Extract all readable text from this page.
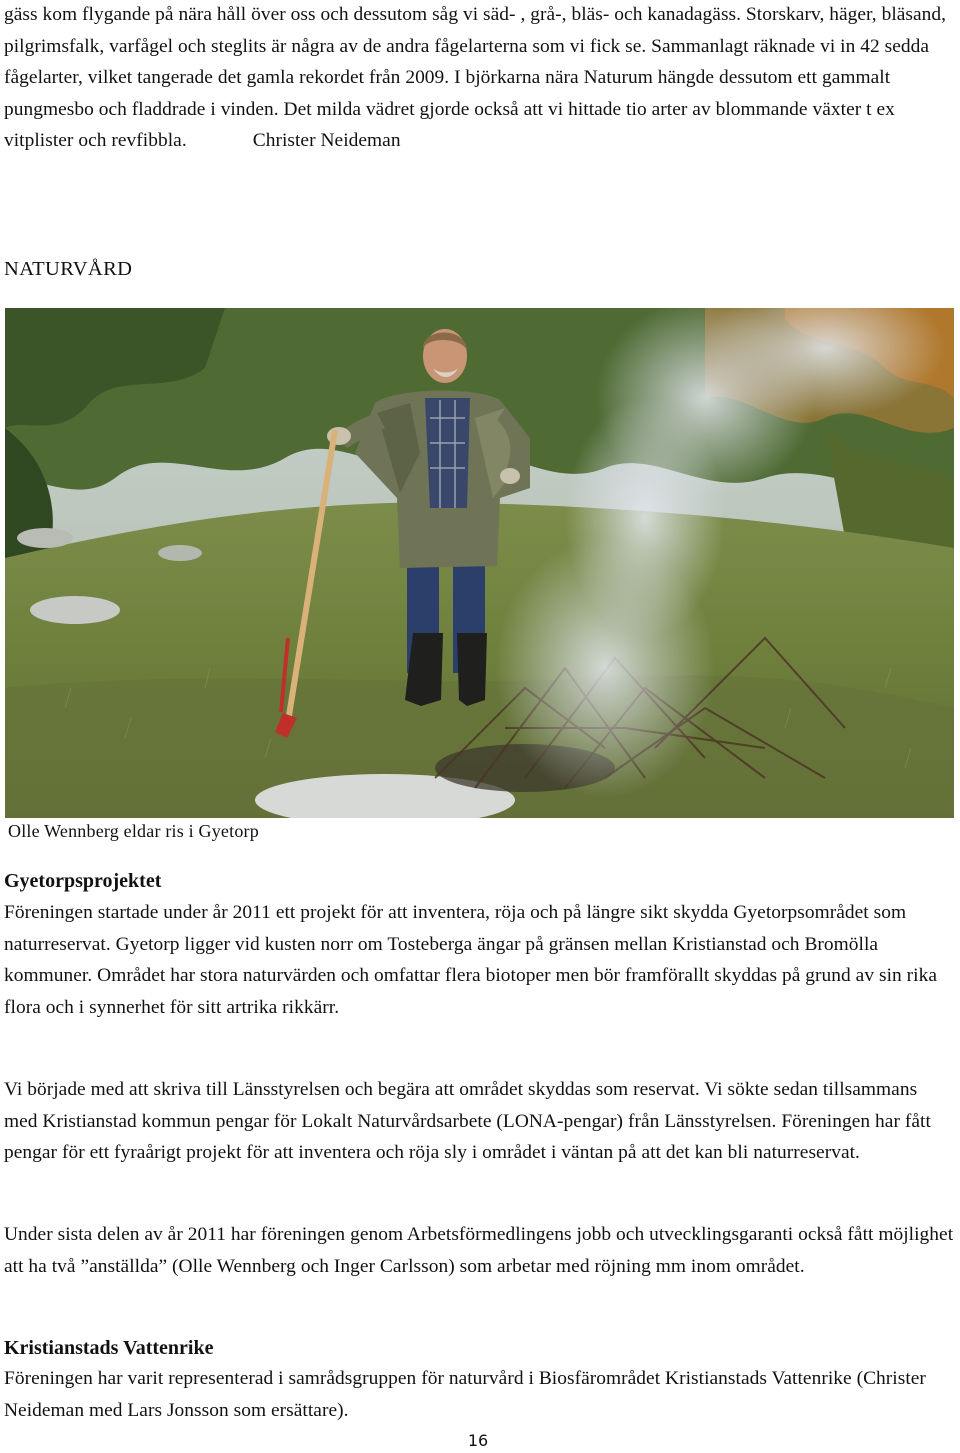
gäss kom flygande på nära håll över oss och dessutom såg vi säd- , grå-, bläs- och kanadagäss. Storskarv, häger, bläsand, pilgrimsfalk, varfågel och steglits är några av de andra fågelarterna som vi fick se. Sammanlagt räknade vi in 42 sedda fågelarter, vilket tangerade det gamla rekordet från 2009. I björkarna nära Naturum hängde dessutom ett gammalt pungmesbo och fladdrade i vinden. Det milda vädret gjorde också att vi hittade tio arter av blommande växter t ex vitplister och revfibbla.	Christer Neideman

NATURVÅRD

Olle Wennberg eldar ris i Gyetorp

Gyetorpsprojektet

Föreningen startade under år 2011 ett projekt för att inventera, röja och på längre sikt skydda Gyetorpsområdet som naturreservat. Gyetorp ligger vid kusten norr om Tosteberga ängar på gränsen mellan Kristianstad och Bromölla kommuner. Området har stora naturvärden och omfattar flera biotoper men bör framförallt skyddas på grund av sin rika flora och i synnerhet för sitt artrika rikkärr.

Vi började med att skriva till Länsstyrelsen och begära att området skyddas som reservat. Vi sökte sedan tillsammans med Kristianstad kommun pengar för Lokalt Naturvårdsarbete (LONA-pengar) från Länsstyrelsen. Föreningen har fått pengar för ett fyraårigt projekt för att inventera och röja sly i området i väntan på att det kan bli naturreservat.

Under sista delen av år 2011 har föreningen genom Arbetsförmedlingens jobb och utvecklingsgaranti också fått möjlighet att ha två ”anställda” (Olle Wennberg och Inger Carlsson) som arbetar med röjning mm inom området.

Kristianstads Vattenrike

Föreningen har varit representerad i samrådsgruppen för naturvård i Biosfärområdet Kristianstads Vattenrike (Christer Neideman med Lars Jonsson som ersättare).

16
